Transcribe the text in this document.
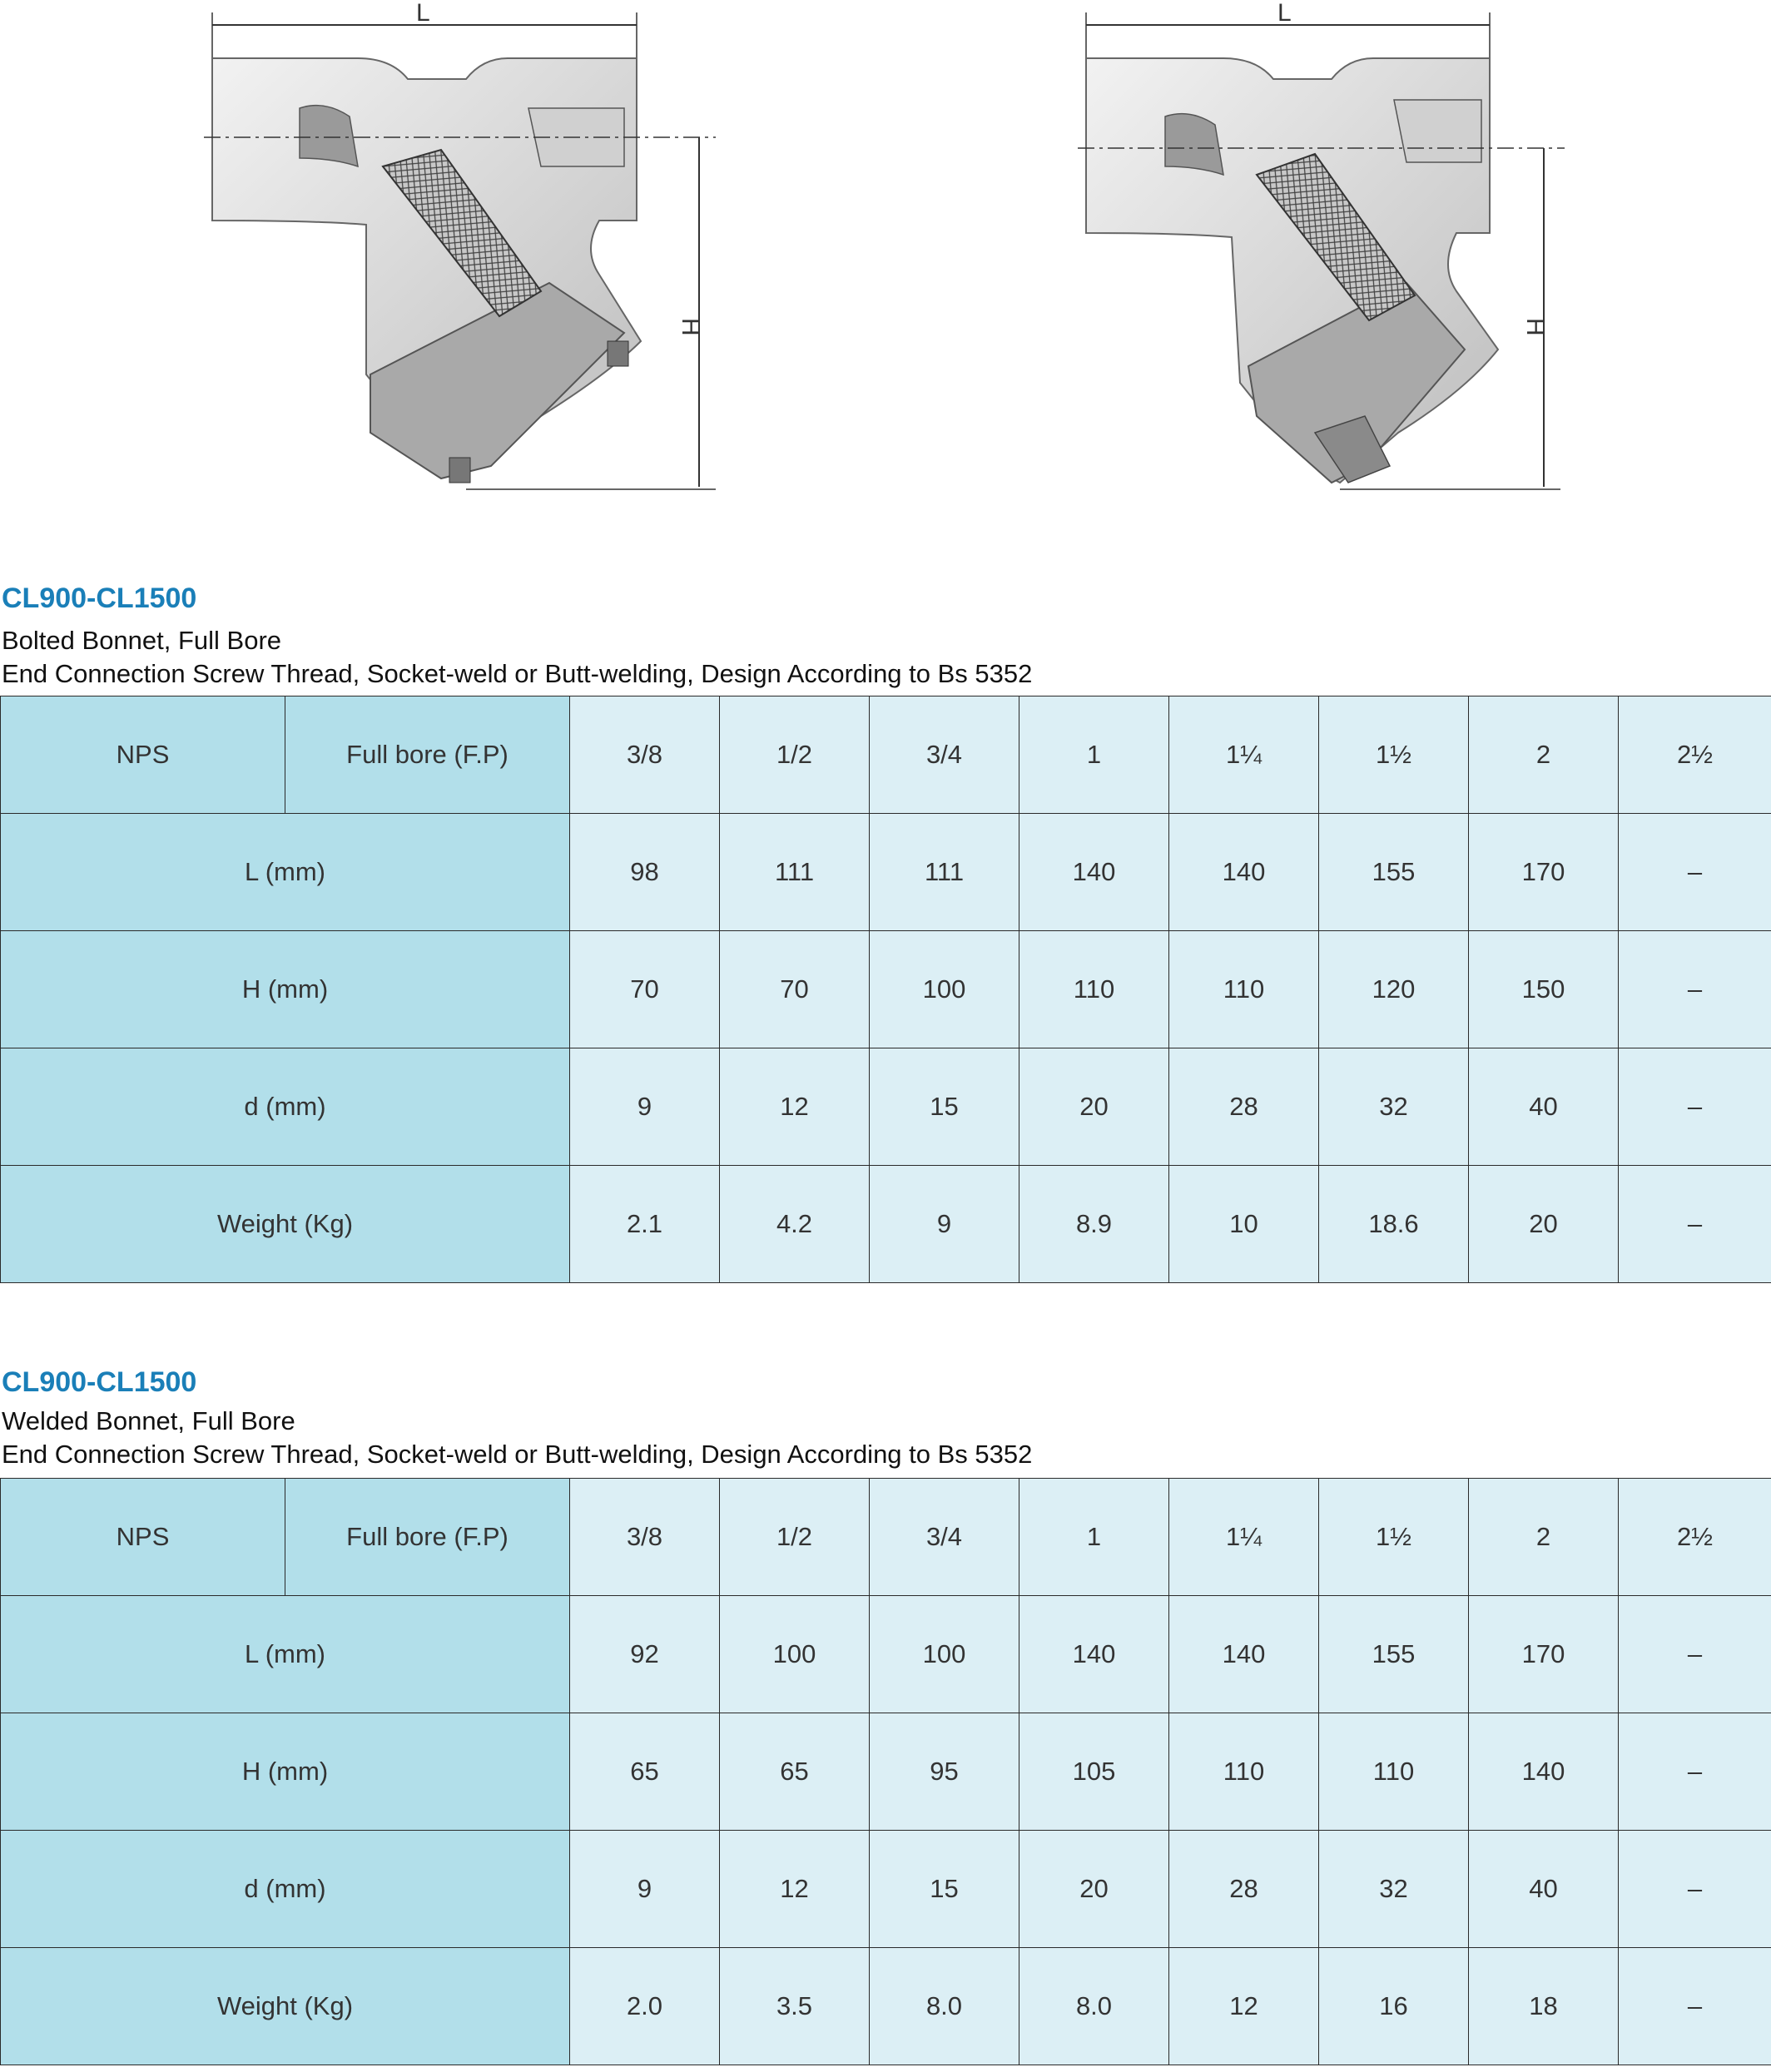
L
H
L
H
CL900-CL1500
Bolted Bonnet, Full Bore
End Connection Screw Thread, Socket-weld or Butt-welding, Design According to Bs 5352
NPS	Full bore (F.P)	3/8	1/2	3/4	1	1¼	1½	2	2½
L (mm)		98	111	111	140	140	155	170	–
H (mm)		70	70	100	110	110	120	150	–
d (mm)		9	12	15	20	28	32	40	–
Weight (Kg)		2.1	4.2	9	8.9	10	18.6	20	–
CL900-CL1500
Welded Bonnet, Full Bore
End Connection Screw Thread, Socket-weld or Butt-welding, Design According to Bs 5352
NPS	Full bore (F.P)	3/8	1/2	3/4	1	1¼	1½	2	2½
L (mm)		92	100	100	140	140	155	170	–
H (mm)		65	65	95	105	110	110	140	–
d (mm)		9	12	15	20	28	32	40	–
Weight (Kg)		2.0	3.5	8.0	8.0	12	16	18	–
